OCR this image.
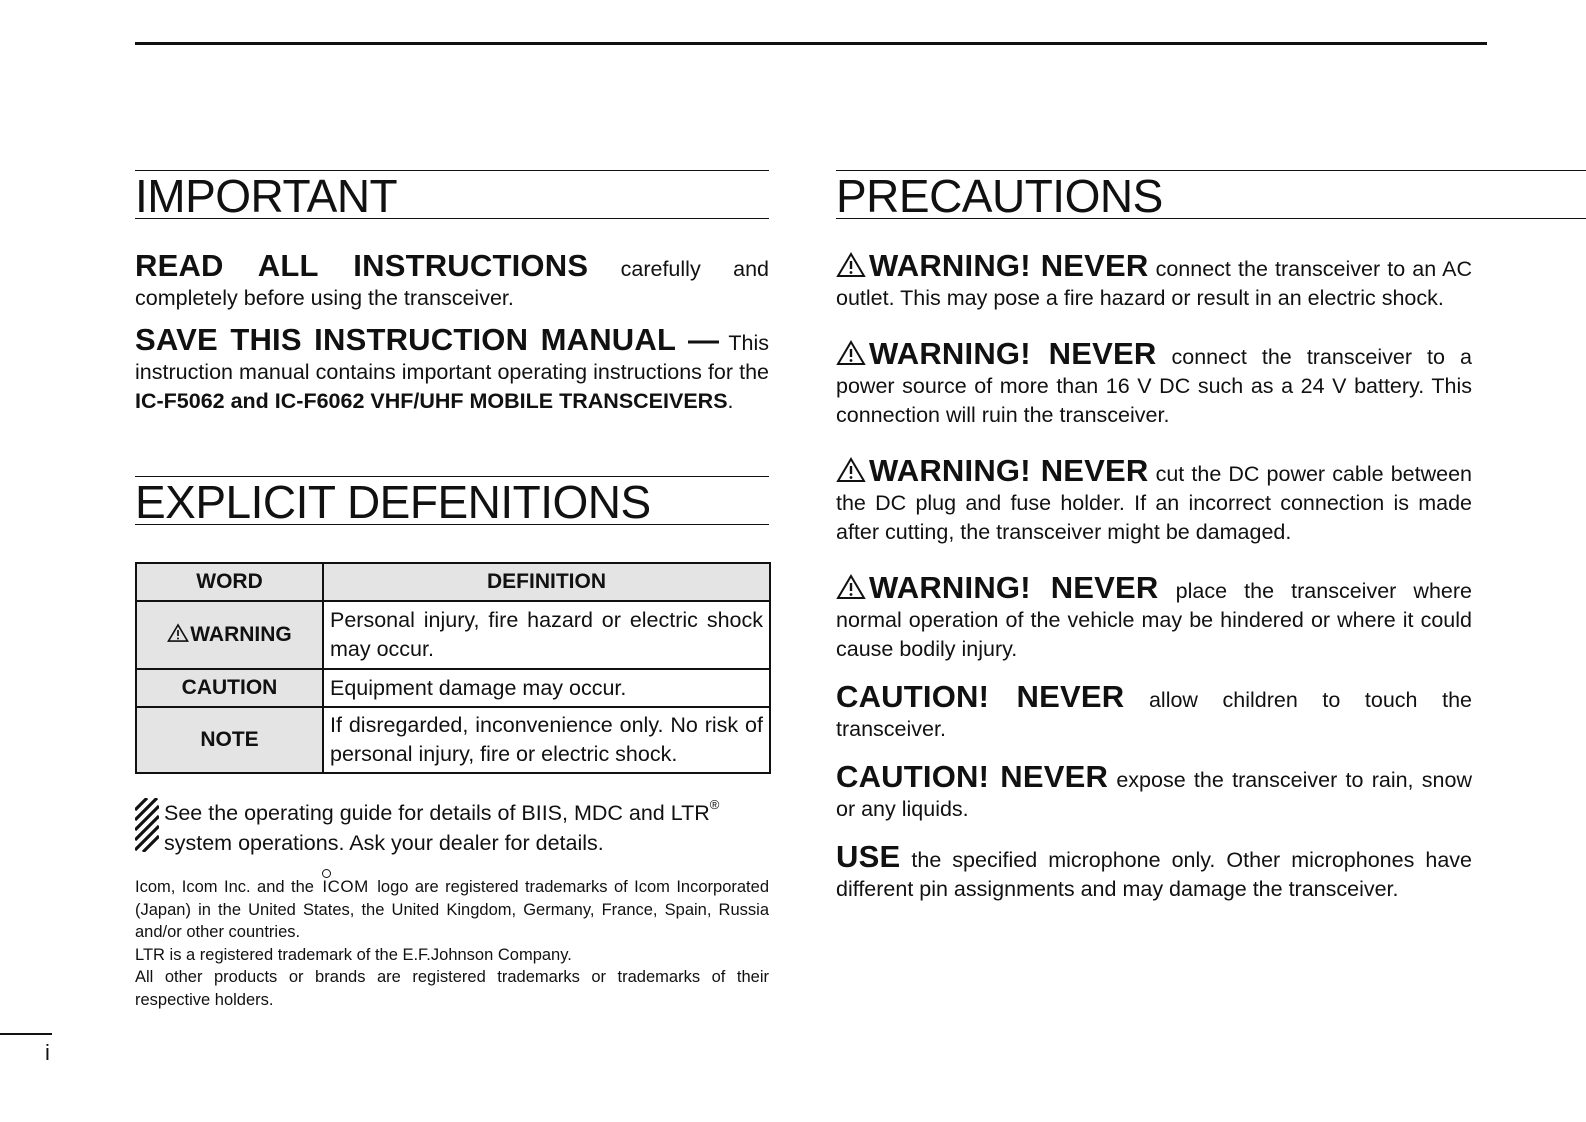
IMPORTANT

READ ALL INSTRUCTIONS carefully and completely before using the transceiver.

SAVE THIS INSTRUCTION MANUAL — This instruction manual contains important operating instructions for the IC-F5062 and IC-F6062 VHF/UHF MOBILE TRANSCEIVERS.

EXPLICIT DEFENITIONS
WORD	DEFINITION
WARNING	Personal injury, fire hazard or electric shock may occur.
CAUTION	Equipment damage may occur.
NOTE	If disregarded, inconvenience only. No risk of personal injury, fire or electric shock.

See the operating guide for details of BIIS, MDC and LTR® system operations. Ask your dealer for details.

Icom, Icom Inc. and the
ICOM logo are registered trademarks of Icom Incorporated (Japan) in the United States, the United Kingdom, Germany, France, Spain, Russia and/or other countries.

LTR is a registered trademark of the E.F.Johnson Company.

All other products or brands are registered trademarks or trademarks of their respective holders.

PRECAUTIONS

WARNING! NEVER connect the transceiver to an AC outlet. This may pose a fire hazard or result in an electric shock.

WARNING! NEVER connect the transceiver to a power source of more than 16 V DC such as a 24 V battery. This connection will ruin the transceiver.

WARNING! NEVER cut the DC power cable between the DC plug and fuse holder. If an incorrect connection is made after cutting, the transceiver might be damaged.

WARNING! NEVER place the transceiver where normal operation of the vehicle may be hindered or where it could cause bodily injury.

CAUTION! NEVER allow children to touch the transceiver.

CAUTION! NEVER expose the transceiver to rain, snow or any liquids.

USE the specified microphone only. Other microphones have different pin assignments and may damage the transceiver.

i
